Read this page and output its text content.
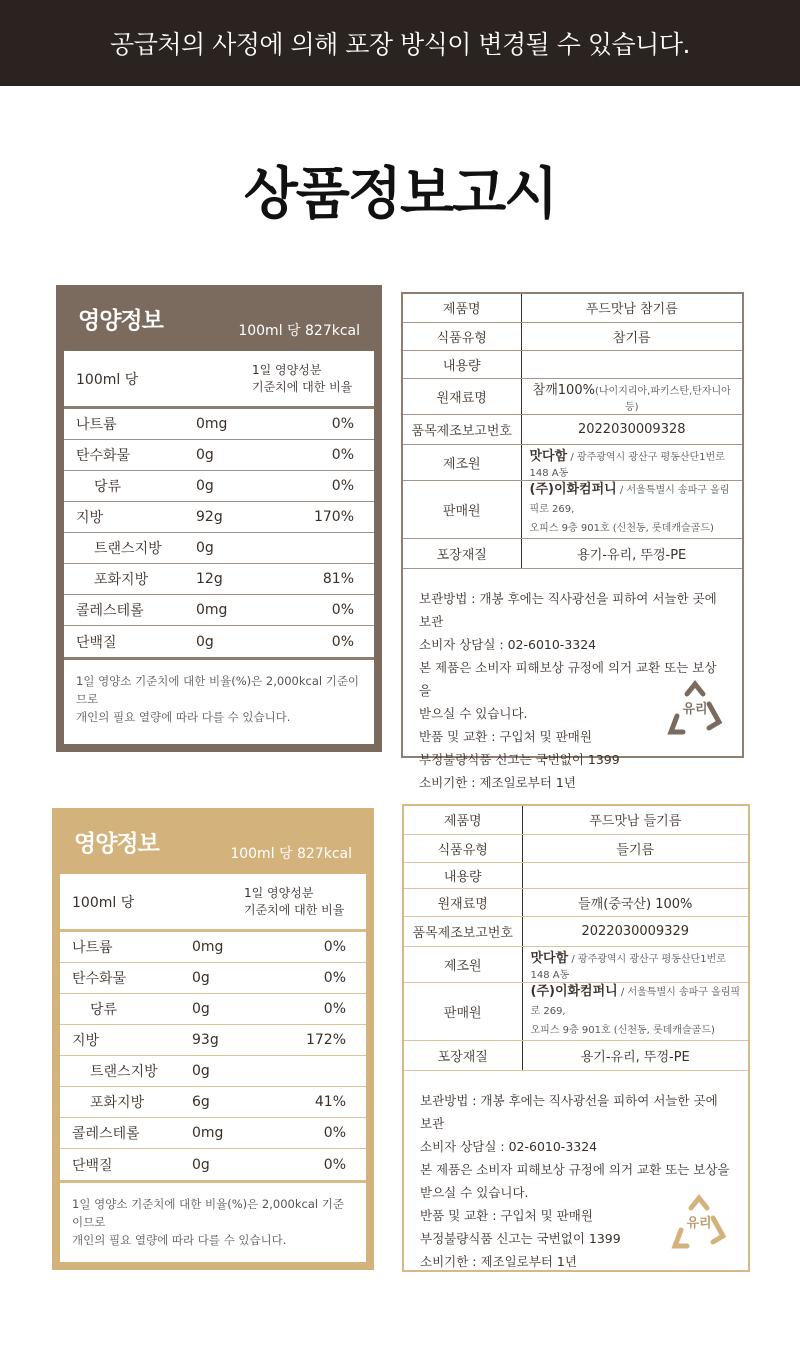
공급처의 사정에 의해 포장 방식이 변경될 수 있습니다.
상품정보고시
영양정보	100ml 당 827kcal
100ml 당
1일 영양성분
기준치에 대한 비율
나트륨	0mg	0%
탄수화물	0g	0%
당류	0g	0%
지방	92g	170%
트랜스지방	0g
포화지방	12g	81%
콜레스테롤	0mg	0%
단백질	0g	0%
1일 영양소 기준치에 대한 비율(%)은 2,000kcal 기준이므로
개인의 필요 열량에 따라 다를 수 있습니다.
제품명	푸드맛남 참기름
식품유형	참기름
내용량	
원재료명	참깨100%(나이지리아,파키스탄,탄자니아 등)
품목제조보고번호	2022030009328
제조원	맛다함 / 광주광역시 광산구 평동산단1번로 148 A동
판매원	(주)이화컴퍼니 / 서울특별시 송파구 올림픽로 269,
오피스 9층 901호 (신천동, 롯데캐슬골드)
포장재질	용기-유리, 뚜껑-PE
보관방법 : 개봉 후에는 직사광선을 피하여 서늘한 곳에 보관
소비자 상담실 : 02-6010-3324
본 제품은 소비자 피해보상 규정에 의거 교환 또는 보상을
받으실 수 있습니다.
반품 및 교환 : 구입처 및 판매원
부정불량식품 신고는 국번없이 1399
소비기한 : 제조일로부터 1년
유리
영양정보	100ml 당 827kcal
100ml 당
1일 영양성분
기준치에 대한 비율
나트륨	0mg	0%
탄수화물	0g	0%
당류	0g	0%
지방	93g	172%
트랜스지방	0g
포화지방	6g	41%
콜레스테롤	0mg	0%
단백질	0g	0%
1일 영양소 기준치에 대한 비율(%)은 2,000kcal 기준이므로
개인의 필요 열량에 따라 다를 수 있습니다.
제품명	푸드맛남 들기름
식품유형	들기름
내용량	
원재료명	들깨(중국산) 100%
품목제조보고번호	2022030009329
제조원	맛다함 / 광주광역시 광산구 평동산단1번로 148 A동
판매원	(주)이화컴퍼니 / 서울특별시 송파구 올림픽로 269,
오피스 9층 901호 (신천동, 롯데캐슬골드)
포장재질	용기-유리, 뚜껑-PE
보관방법 : 개봉 후에는 직사광선을 피하여 서늘한 곳에 보관
소비자 상담실 : 02-6010-3324
본 제품은 소비자 피해보상 규정에 의거 교환 또는 보상을
받으실 수 있습니다.
반품 및 교환 : 구입처 및 판매원
부정불량식품 신고는 국번없이 1399
소비기한 : 제조일로부터 1년
유리
